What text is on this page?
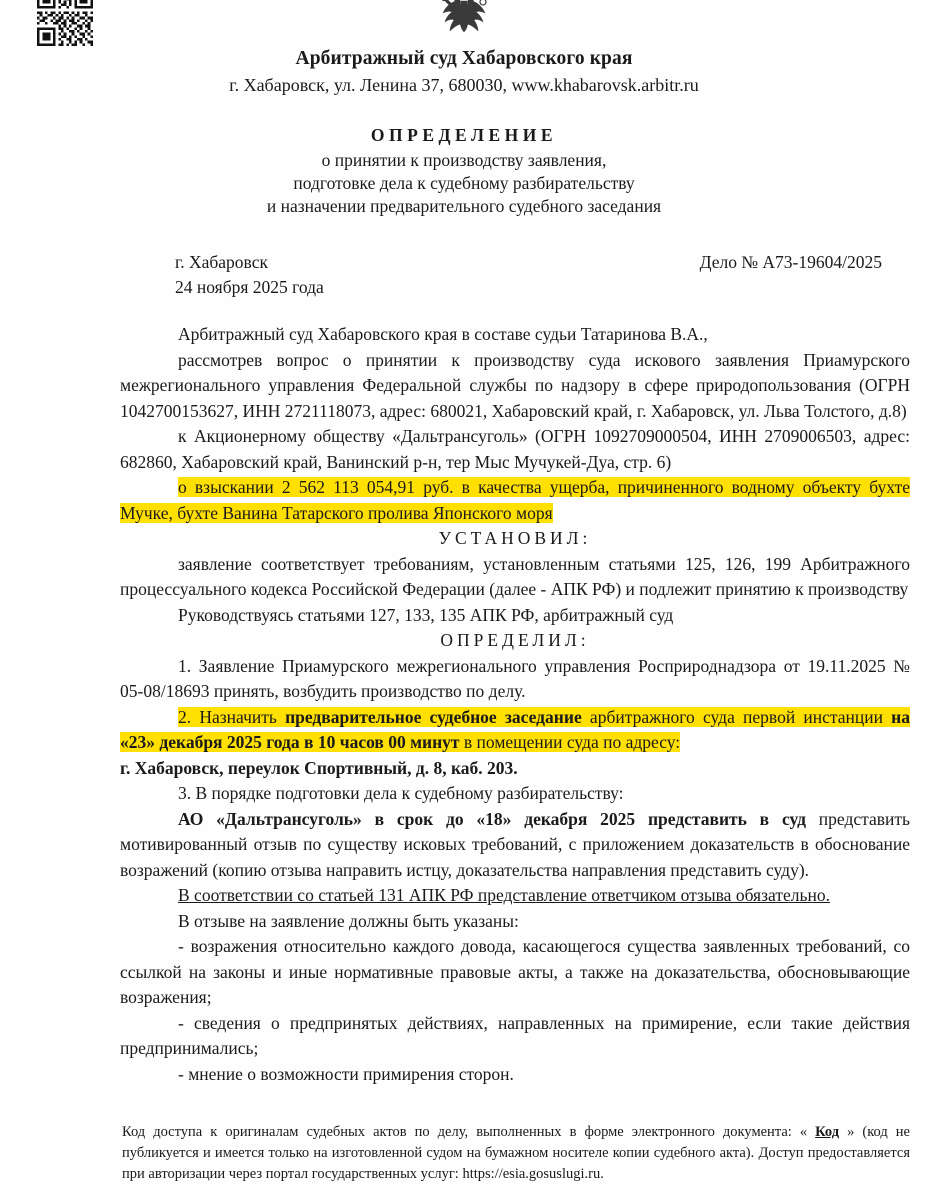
Арбитражный суд Хабаровского края
г. Хабаровск, ул. Ленина 37, 680030, www.khabarovsk.arbitr.ru
ОПРЕДЕЛЕНИЕ
о принятии к производству заявления,
подготовке дела к судебному разбирательству
и назначении предварительного судебного заседания
г. Хабаровск	Дело № А73-19604/2025
24 ноября 2025 года

Арбитражный суд Хабаровского края в составе судьи Татаринова В.А.,

рассмотрев вопрос о принятии к производству суда искового заявления Приамурского межрегионального управления Федеральной службы по надзору в сфере природопользования (ОГРН 1042700153627, ИНН 2721118073, адрес: 680021, Хабаровский край, г. Хабаровск, ул. Льва Толстого, д.8)

к Акционерному обществу «Дальтрансуголь» (ОГРН 1092709000504, ИНН 2709006503, адрес: 682860, Хабаровский край, Ванинский р-н, тер Мыс Мучукей-Дуа, стр. 6)

о взыскании 2 562 113 054,91 руб. в качества ущерба, причиненного водному объекту бухте Мучке, бухте Ванина Татарского пролива Японского моря

УСТАНОВИЛ:

заявление соответствует требованиям, установленным статьями 125, 126, 199 Арбитражного процессуального кодекса Российской Федерации (далее - АПК РФ) и подлежит принятию к производству

Руководствуясь статьями 127, 133, 135 АПК РФ, арбитражный суд

ОПРЕДЕЛИЛ:

1. Заявление Приамурского межрегионального управления Росприроднадзора от 19.11.2025 № 05-08/18693 принять, возбудить производство по делу.

2. Назначить предварительное судебное заседание арбитражного суда первой инстанции на «23» декабря 2025 года в 10 часов 00 минут в помещении суда по адресу:

г. Хабаровск, переулок Спортивный, д. 8, каб. 203.

3. В порядке подготовки дела к судебному разбирательству:

АО «Дальтрансуголь» в срок до «18» декабря 2025 представить в суд представить мотивированный отзыв по существу исковых требований, с приложением доказательств в обоснование возражений (копию отзыва направить истцу, доказательства направления представить суду).

В соответствии со статьей 131 АПК РФ представление ответчиком отзыва обязательно.

В отзыве на заявление должны быть указаны:

- возражения относительно каждого довода, касающегося существа заявленных требований, со ссылкой на законы и иные нормативные правовые акты, а также на доказательства, обосновывающие возражения;

- сведения о предпринятых действиях, направленных на примирение, если такие действия предпринимались;

- мнение о возможности примирения сторон.

Код доступа к оригиналам судебных актов по делу, выполненных в форме электронного документа: « Код » (код не публикуется и имеется только на изготовленной судом на бумажном носителе копии судебного акта). Доступ предоставляется при авторизации через портал государственных услуг: https://esia.gosuslugi.ru.
